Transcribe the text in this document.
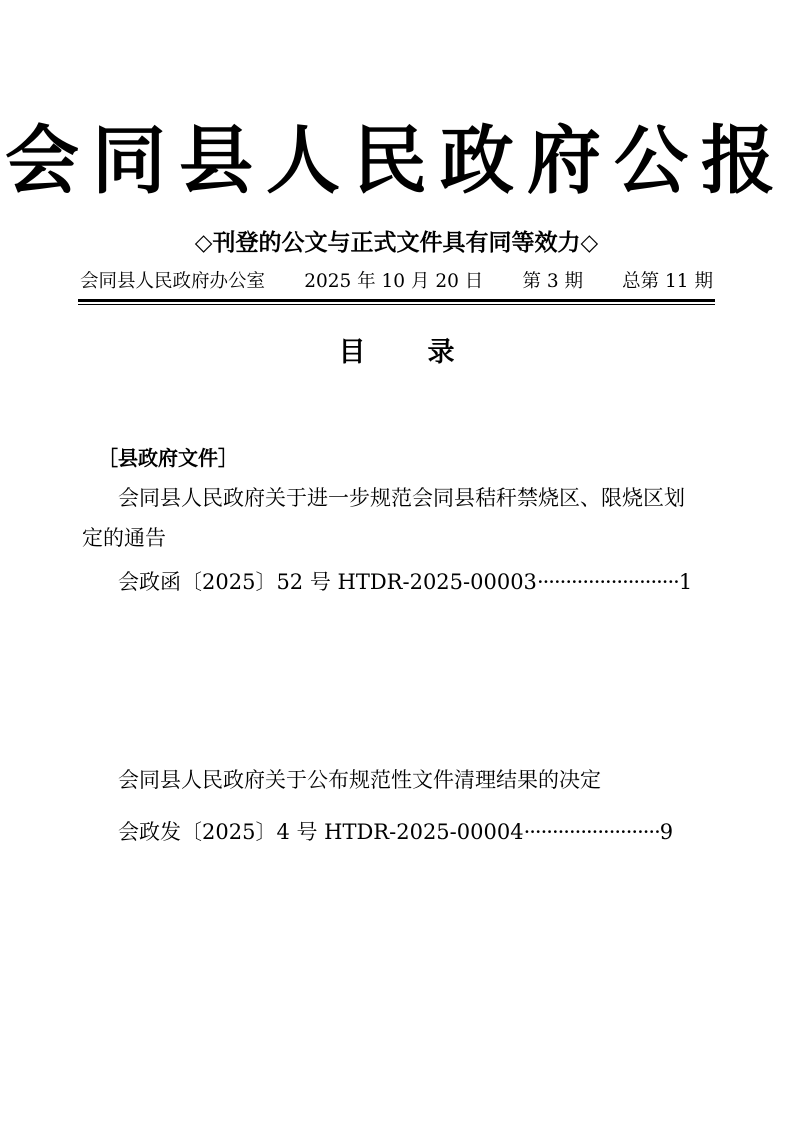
会同县人民政府公报
◇刊登的公文与正式文件具有同等效力◇
会同县人民政府办公室 2025 年 10 月 20 日 第 3 期 总第 11 期
目 录
［县政府文件］
会同县人民政府关于进一步规范会同县秸秆禁烧区、限烧区划
定的通告
会政函〔2025〕52 号 HTDR-2025-00003·························1
会同县人民政府关于公布规范性文件清理结果的决定
会政发〔2025〕4 号 HTDR-2025-00004························9
